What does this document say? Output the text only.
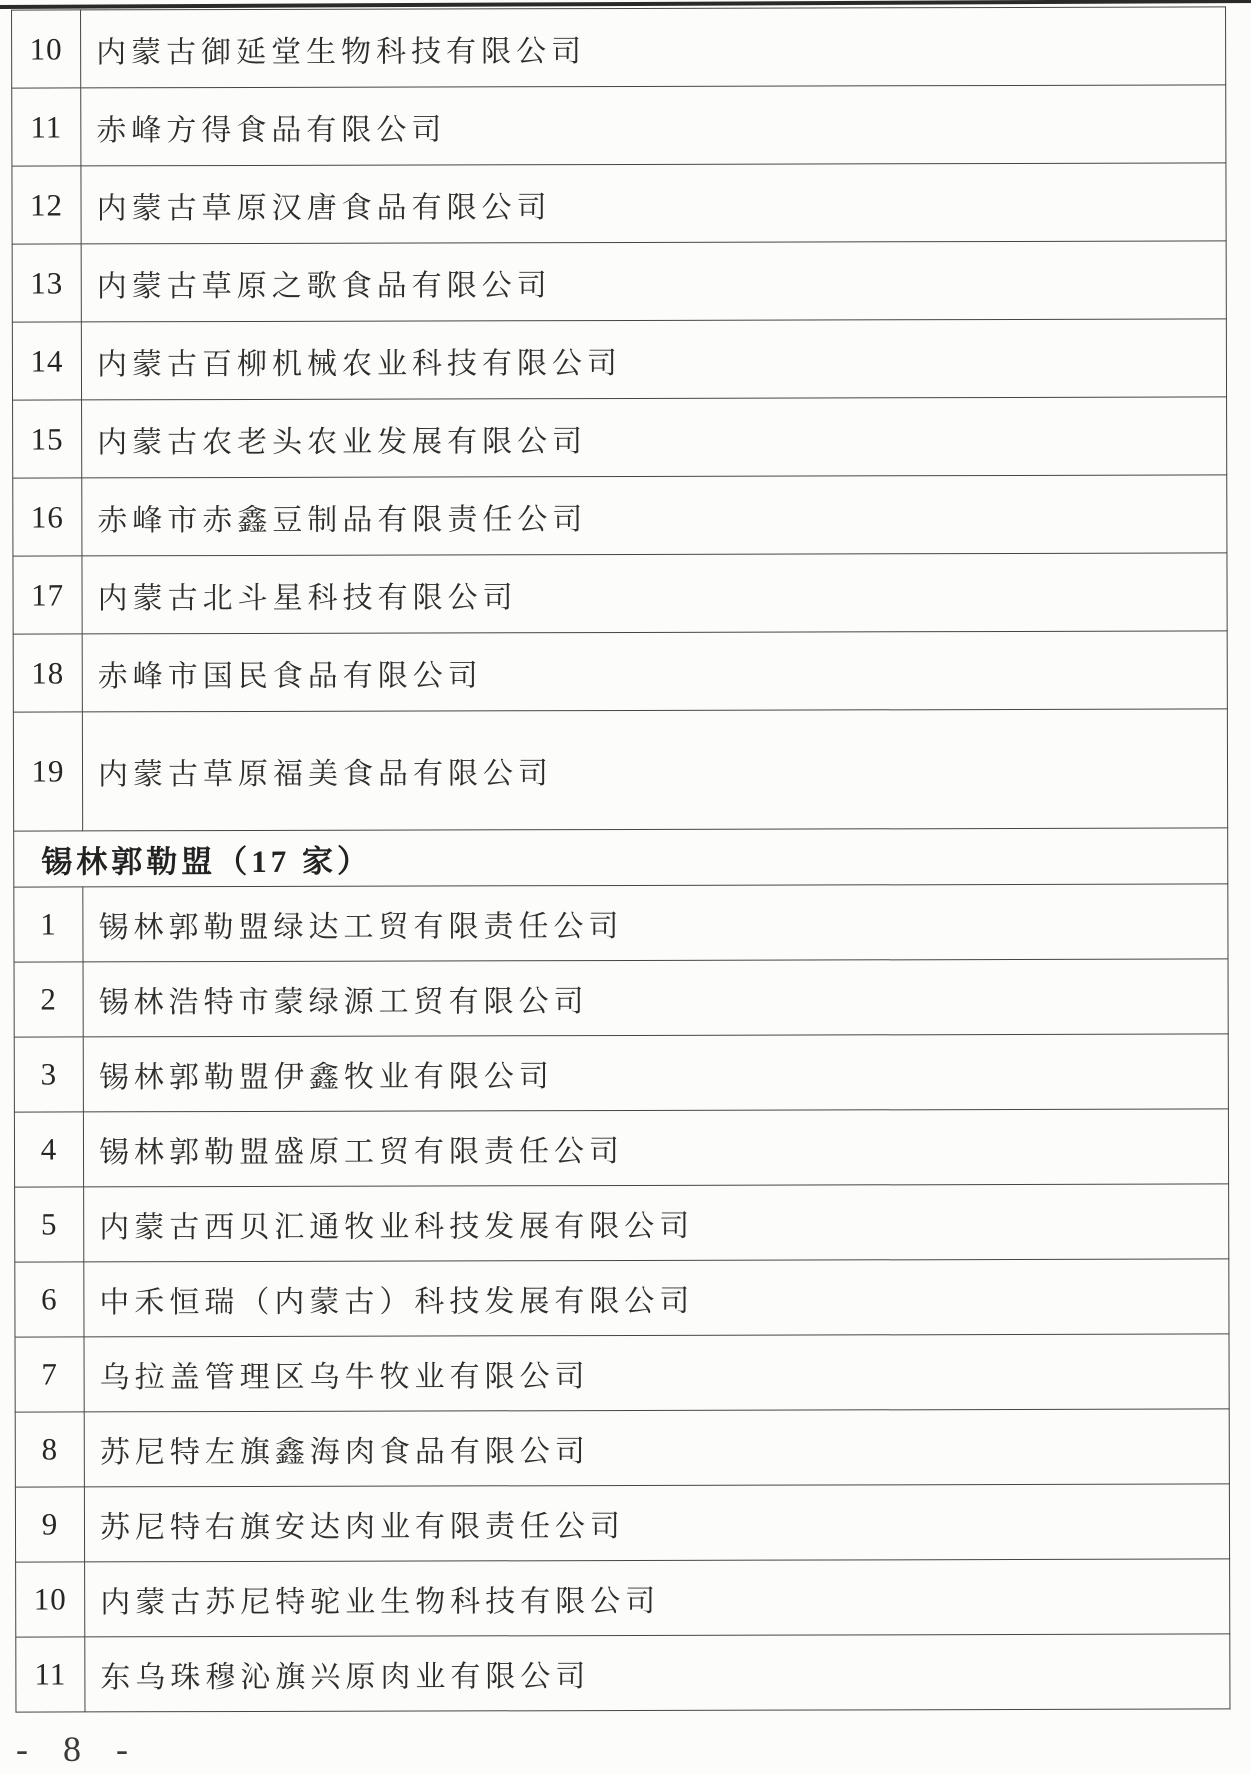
10	内蒙古御延堂生物科技有限公司
11	赤峰方得食品有限公司
12	内蒙古草原汉唐食品有限公司
13	内蒙古草原之歌食品有限公司
14	内蒙古百柳机械农业科技有限公司
15	内蒙古农老头农业发展有限公司
16	赤峰市赤鑫豆制品有限责任公司
17	内蒙古北斗星科技有限公司
18	赤峰市国民食品有限公司
19	内蒙古草原福美食品有限公司
锡林郭勒盟（17 家）	
1	锡林郭勒盟绿达工贸有限责任公司
2	锡林浩特市蒙绿源工贸有限公司
3	锡林郭勒盟伊鑫牧业有限公司
4	锡林郭勒盟盛原工贸有限责任公司
5	内蒙古西贝汇通牧业科技发展有限公司
6	中禾恒瑞（内蒙古）科技发展有限公司
7	乌拉盖管理区乌牛牧业有限公司
8	苏尼特左旗鑫海肉食品有限公司
9	苏尼特右旗安达肉业有限责任公司
10	内蒙古苏尼特驼业生物科技有限公司
11	东乌珠穆沁旗兴原肉业有限公司
- 8 -
